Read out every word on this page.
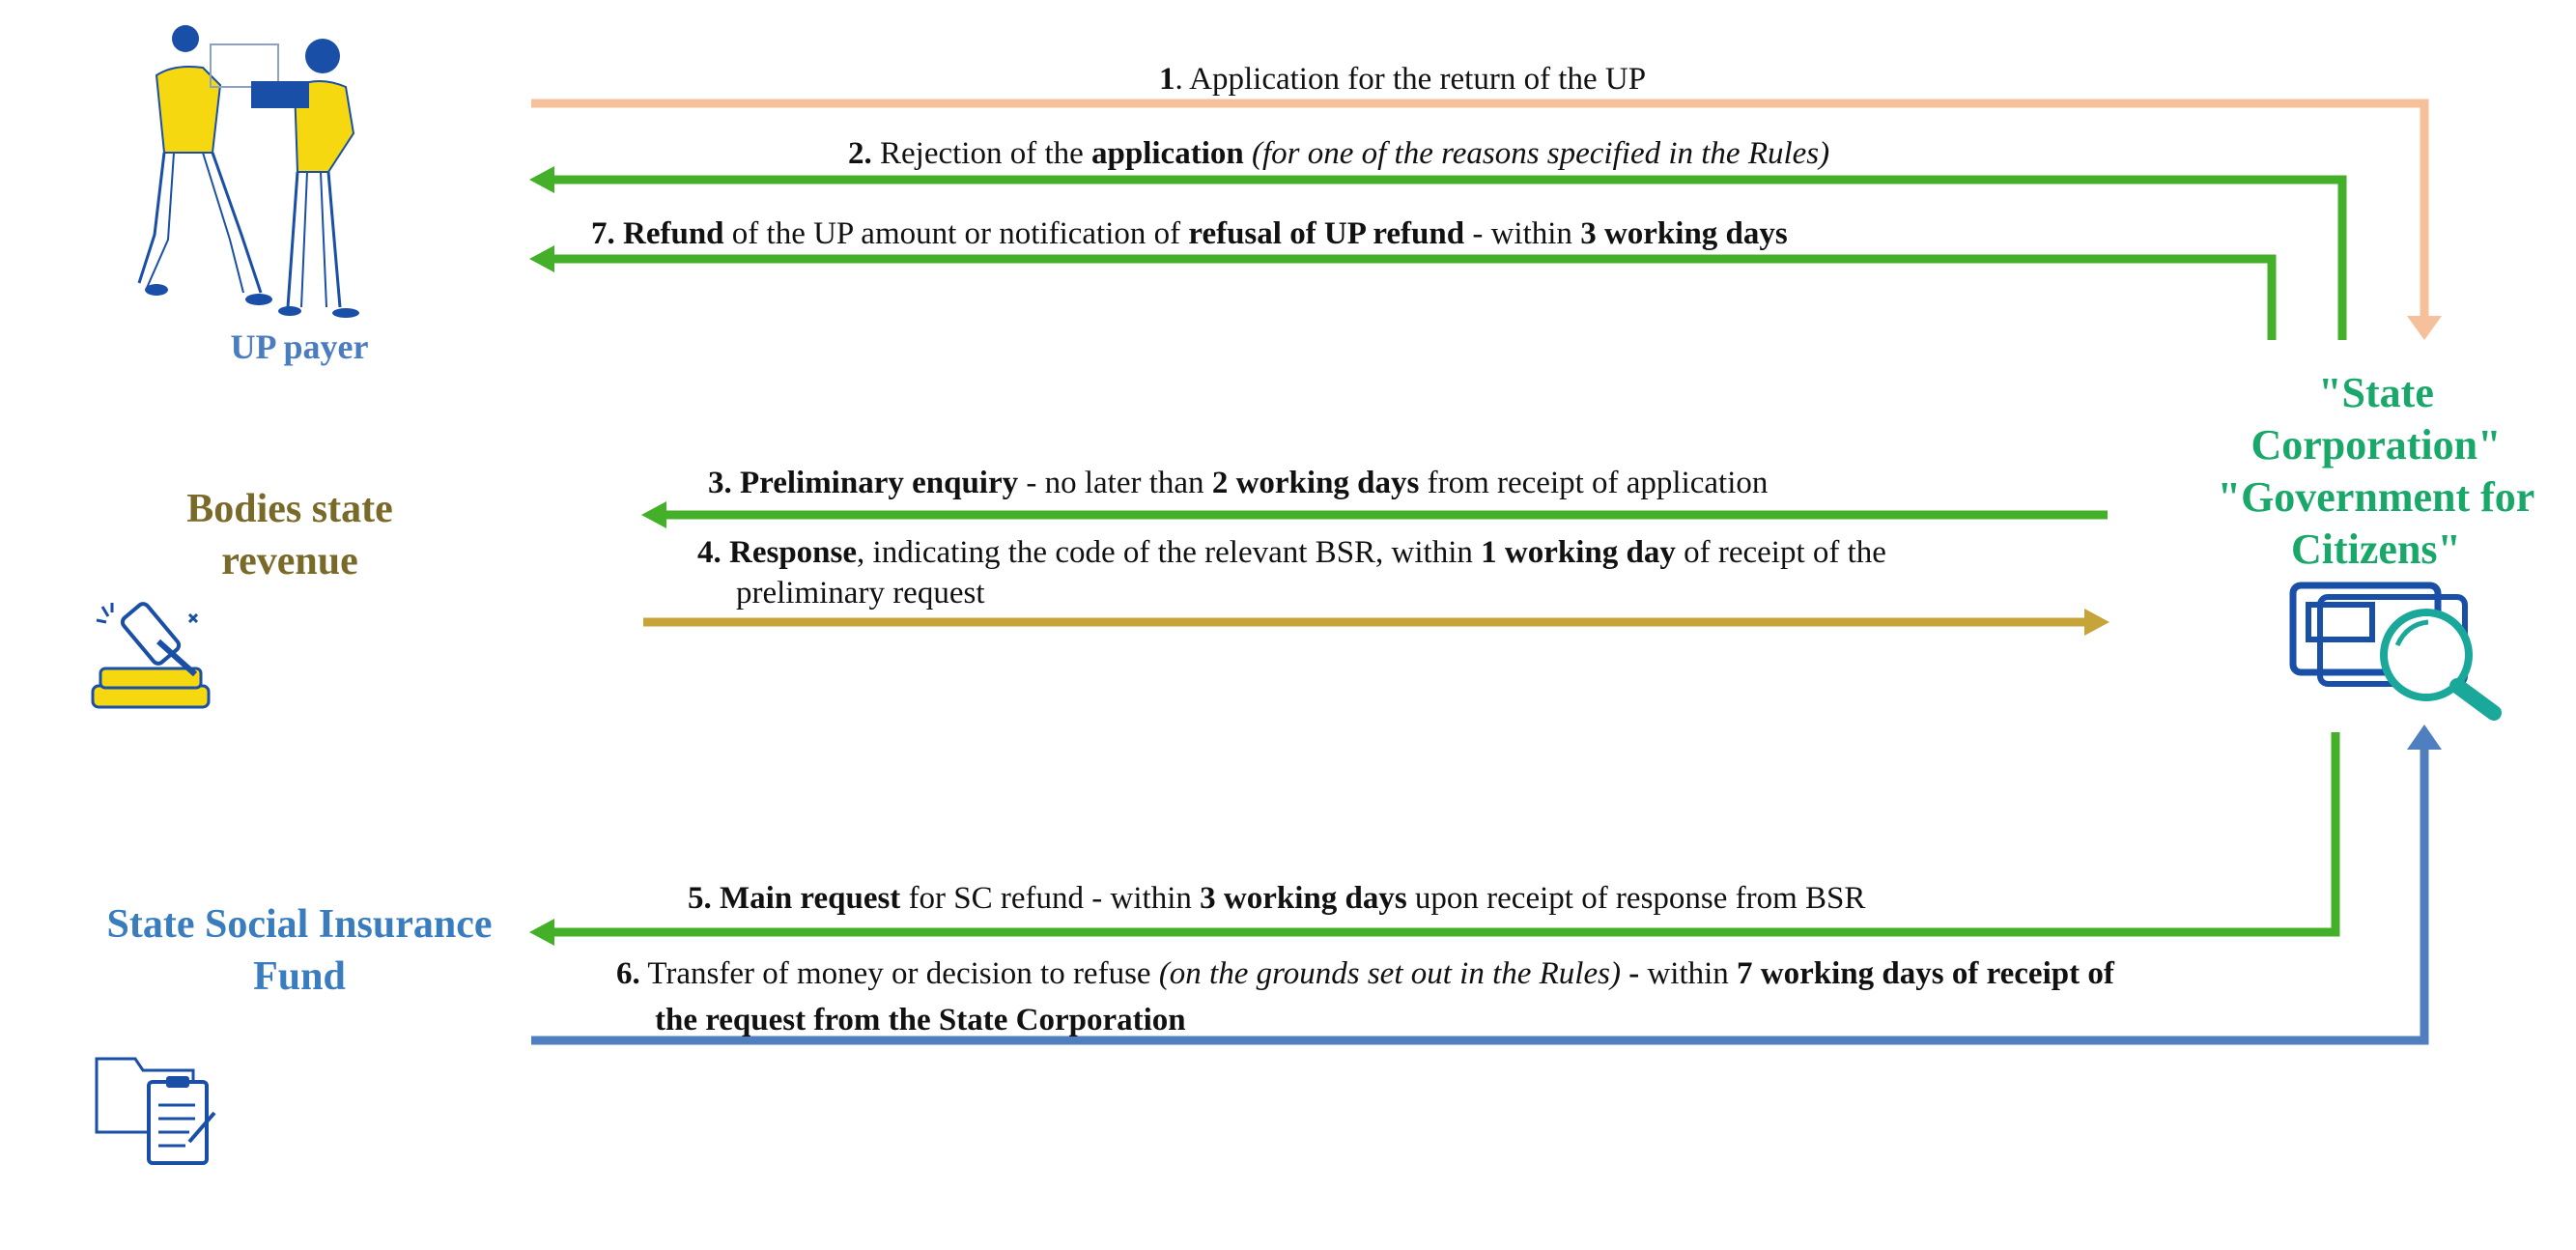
UP payer
Bodies state
revenue
State Social Insurance
Fund
"State
Corporation"
"Government for
Citizens"
1. Application for the return of the UP
2. Rejection of the application (for one of the reasons specified in the Rules)
7. Refund of the UP amount or notification of refusal of UP refund - within 3 working days
3. Preliminary enquiry - no later than 2 working days from receipt of application
4. Response, indicating the code of the relevant BSR, within 1 working day of receipt of the
preliminary request
5. Main request for SC refund - within 3 working days upon receipt of response from BSR
6. Transfer of money or decision to refuse (on the grounds set out in the Rules) - within 7 working days of receipt of
the request from the State Corporation
